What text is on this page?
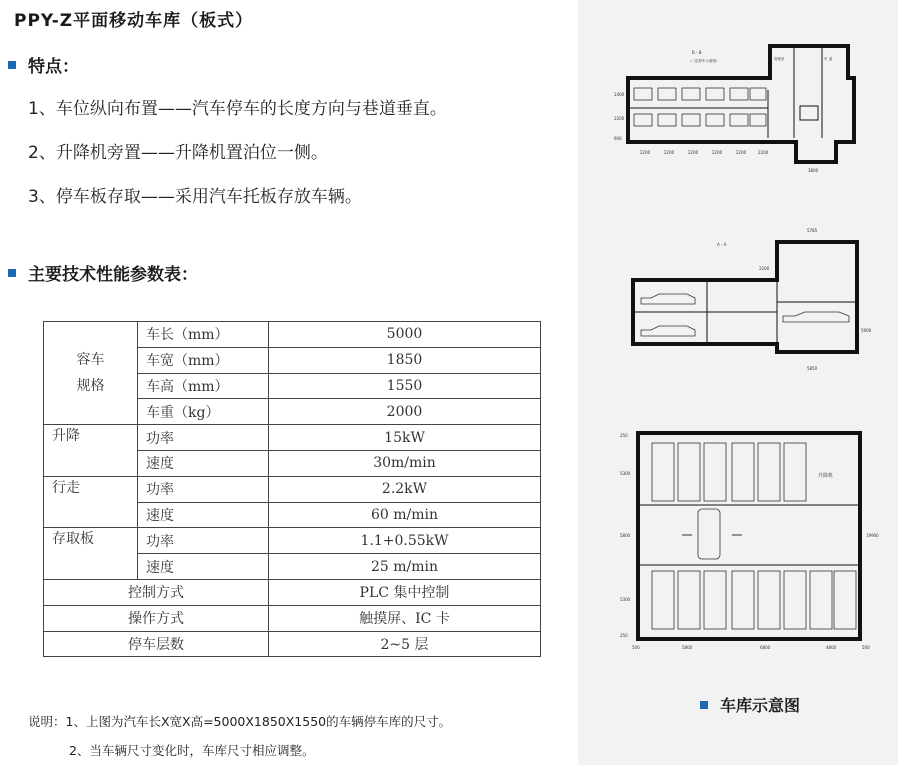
PPY-Z平面移动车库（板式）
特点：
1、车位纵向布置——汽车停车的长度方向与巷道垂直。
2、升降机旁置——升降机置泊位一侧。
3、停车板存取——采用汽车托板存放车辆。
主要技术性能参数表：
容车
规格	车长（mm）	5000
	车宽（mm）	1850
	车高（mm）	1550
	车重（kg）	2000
升降	功率	15kW
	速度	30m/min
行走	功率	2.2kW
	速度	60 m/min
存取板	功率	1.1+0.55kW
	速度	25 m/min
控制方式		PLC 集中控制
操作方式		触摸屏、IC 卡
停车层数		2~5 层
说明：1、上图为汽车长X宽X高=5000X1850X1550的车辆停车库的尺寸。
2、当车辆尺寸变化时，车库尺寸相应调整。
B - B
（二层停车示意图）	管理室	车 道
2200	2200	2200	2200	2200	2200
1400
2200
900
3800
A - A
5785
2200
5850
5900
升降机
500	5800	6800	4800	500
250
5300
5800
5300
250
19900
车库示意图
